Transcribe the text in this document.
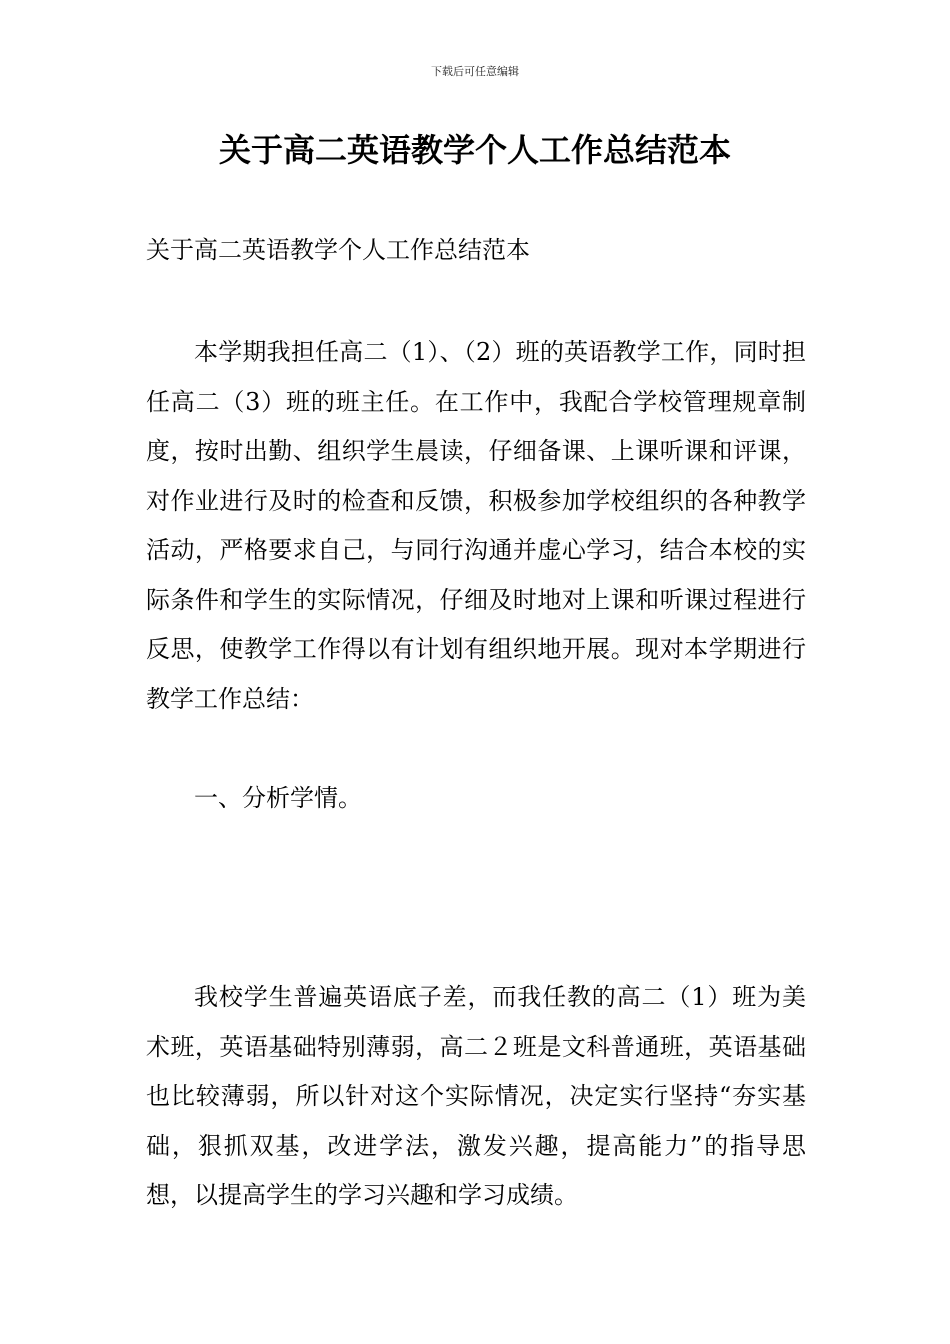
下载后可任意编辑
关于高二英语教学个人工作总结范本

关于高二英语教学个人工作总结范本

本学期我担任高二（1）、（2）班的英语教学工作，同时担任高二（3）班的班主任。在工作中，我配合学校管理规章制度，按时出勤、组织学生晨读，仔细备课、上课听课和评课，对作业进行及时的检查和反馈，积极参加学校组织的各种教学活动，严格要求自己，与同行沟通并虚心学习，结合本校的实际条件和学生的实际情况，仔细及时地对上课和听课过程进行反思，使教学工作得以有计划有组织地开展。现对本学期进行教学工作总结：

一、分析学情。

我校学生普遍英语底子差，而我任教的高二（1）班为美术班，英语基础特别薄弱，高二２班是文科普通班，英语基础也比较薄弱，所以针对这个实际情况，决定实行坚持“夯实基础，狠抓双基，改进学法，激发兴趣，提高能力”的指导思想，以提高学生的学习兴趣和学习成绩。
